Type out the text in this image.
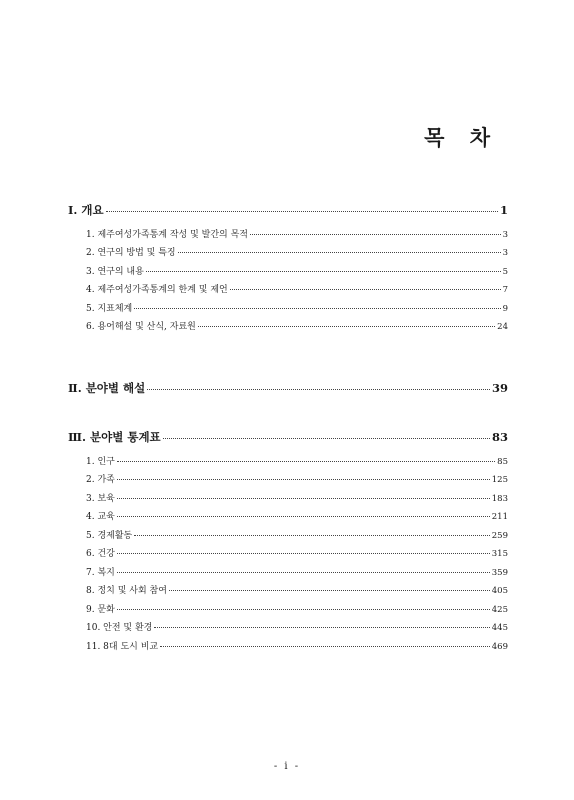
목 차
Ⅰ. 개요	1
1. 제주여성가족통계 작성 및 발간의 목적	3
2. 연구의 방법 및 특징	3
3. 연구의 내용	5
4. 제주여성가족통계의 한계 및 제언	7
5. 지표체계	9
6. 용어해설 및 산식, 자료원	24
Ⅱ. 분야별 해설	39
Ⅲ. 분야별 통계표	83
1. 인구	85
2. 가족	125
3. 보육	183
4. 교육	211
5. 경제활동	259
6. 건강	315
7. 복지	359
8. 정치 및 사회 참여	405
9. 문화	425
10. 안전 및 환경	445
11. 8대 도시 비교	469
- i -
